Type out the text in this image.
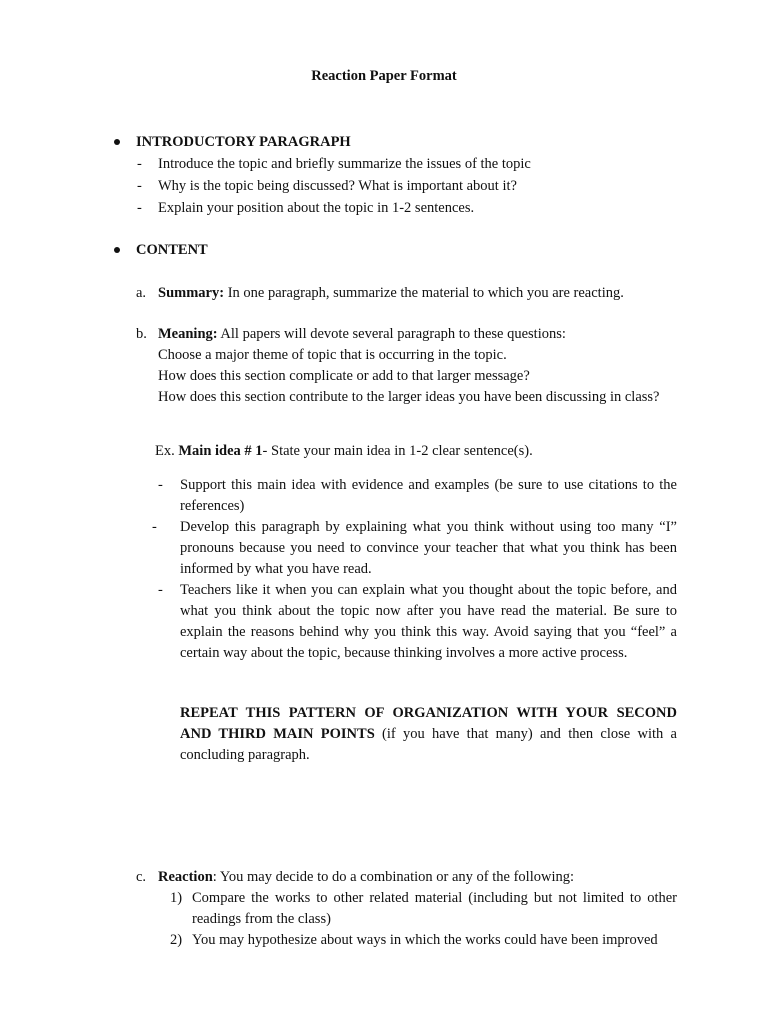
Reaction Paper Format
INTRODUCTORY PARAGRAPH
- Introduce the topic and briefly summarize the issues of the topic
- Why is the topic being discussed? What is important about it?
- Explain your position about the topic in 1-2 sentences.
CONTENT
a. Summary: In one paragraph, summarize the material to which you are reacting.
b. Meaning: All papers will devote several paragraph to these questions:
Choose a major theme of topic that is occurring in the topic.
How does this section complicate or add to that larger message?
How does this section contribute to the larger ideas you have been discussing in class?
Ex. Main idea # 1- State your main idea in 1-2 clear sentence(s).
- Support this main idea with evidence and examples (be sure to use citations to the references)
- Develop this paragraph by explaining what you think without using too many “I” pronouns because you need to convince your teacher that what you think has been informed by what you have read.
- Teachers like it when you can explain what you thought about the topic before, and what you think about the topic now after you have read the material. Be sure to explain the reasons behind why you think this way. Avoid saying that you “feel” a certain way about the topic, because thinking involves a more active process.
REPEAT THIS PATTERN OF ORGANIZATION WITH YOUR SECOND AND THIRD MAIN POINTS (if you have that many) and then close with a concluding paragraph.
c. Reaction: You may decide to do a combination or any of the following:
1) Compare the works to other related material (including but not limited to other readings from the class)
2) You may hypothesize about ways in which the works could have been improved
